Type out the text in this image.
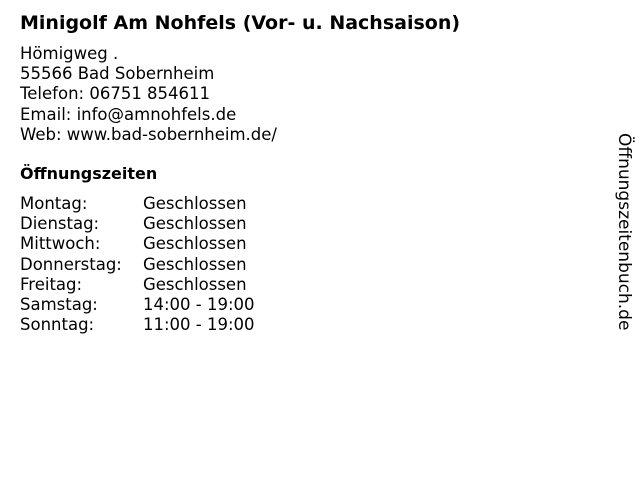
Minigolf Am Nohfels (Vor- u. Nachsaison)
Hömigweg .
55566 Bad Sobernheim
Telefon: 06751 854611
Email: info@amnohfels.de
Web: www.bad-sobernheim.de/
Öffnungszeiten
Montag:	Geschlossen
Dienstag:	Geschlossen
Mittwoch:	Geschlossen
Donnerstag:	Geschlossen
Freitag:	Geschlossen
Samstag:	14:00 - 19:00
Sonntag:	11:00 - 19:00	Öffnungszeitenbuch.de
